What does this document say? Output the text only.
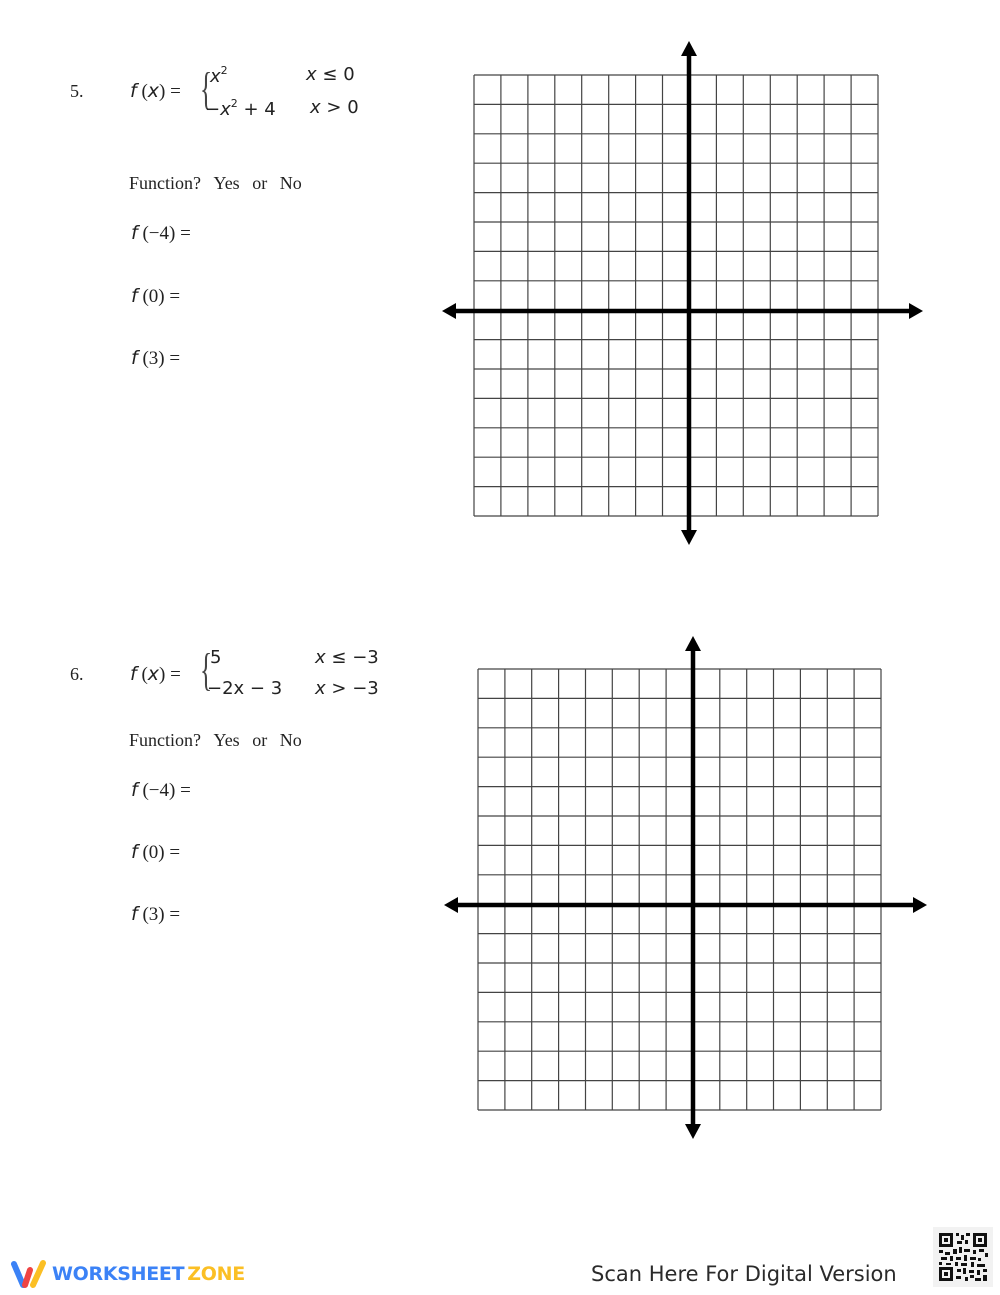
5. f (x) = {
$x^2$	x ≤ 0
$-x^2 + 4$ x > 0
Function? Yes or No
f (−4) =
f (0) =
f (3) =
6. f (x) = {
5	x ≤ −3
−2x − 3 x > −3
Function? Yes or No
f (−4) =
f (0) =
f (3) =
WORKSHEET ZONE	Scan Here For Digital Version
